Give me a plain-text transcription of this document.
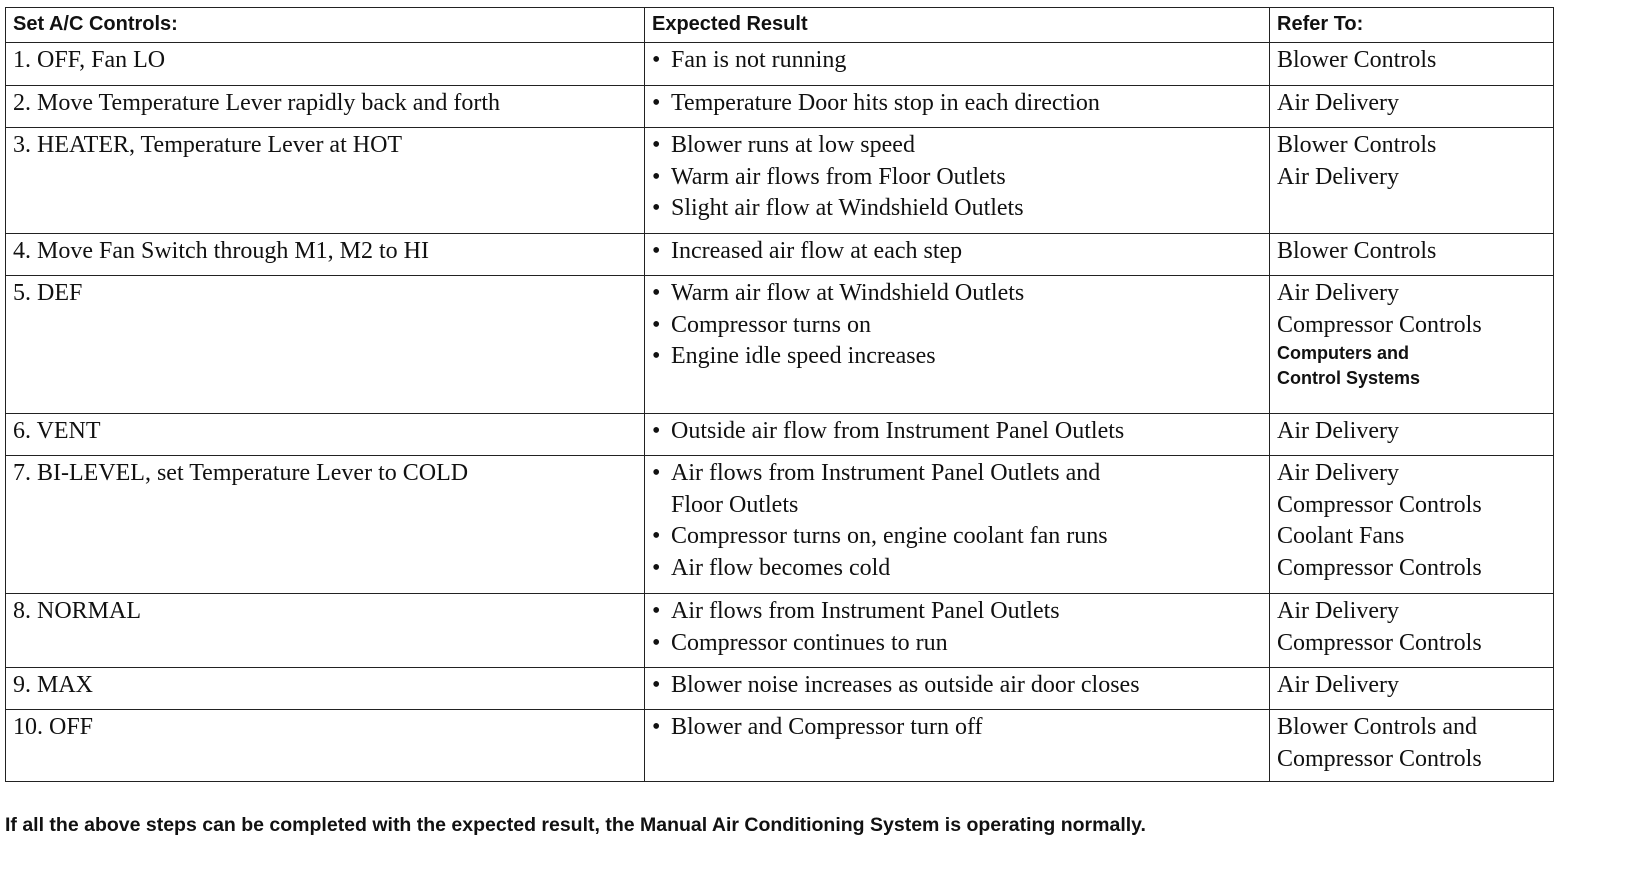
Set A/C Controls:	Expected Result	Refer To:
1. OFF, Fan LO	• Fan is not running	Blower Controls

2. Move Temperature Lever rapidly back and forth	• Temperature Door hits stop in each direction	Air Delivery

3. HEATER, Temperature Lever at HOT	• Blower runs at low speed
• Warm air flows from Floor Outlets
• Slight air flow at Windshield Outlets	Blower Controls
Air Delivery

4. Move Fan Switch through M1, M2 to HI	• Increased air flow at each step	Blower Controls

5. DEF	• Warm air flow at Windshield Outlets
• Compressor turns on
• Engine idle speed increases	Air Delivery
Compressor Controls
Computers and
Control Systems

6. VENT	• Outside air flow from Instrument Panel Outlets	Air Delivery

7. BI-LEVEL, set Temperature Lever to COLD	• Air flows from Instrument Panel Outlets and
Floor Outlets
• Compressor turns on, engine coolant fan runs
• Air flow becomes cold	Air Delivery
Compressor Controls
Coolant Fans
Compressor Controls

8. NORMAL	• Air flows from Instrument Panel Outlets
• Compressor continues to run	Air Delivery
Compressor Controls

9. MAX	• Blower noise increases as outside air door closes	Air Delivery

10. OFF	• Blower and Compressor turn off	Blower Controls and
Compressor Controls
If all the above steps can be completed with the expected result, the Manual Air Conditioning System is operating normally.
